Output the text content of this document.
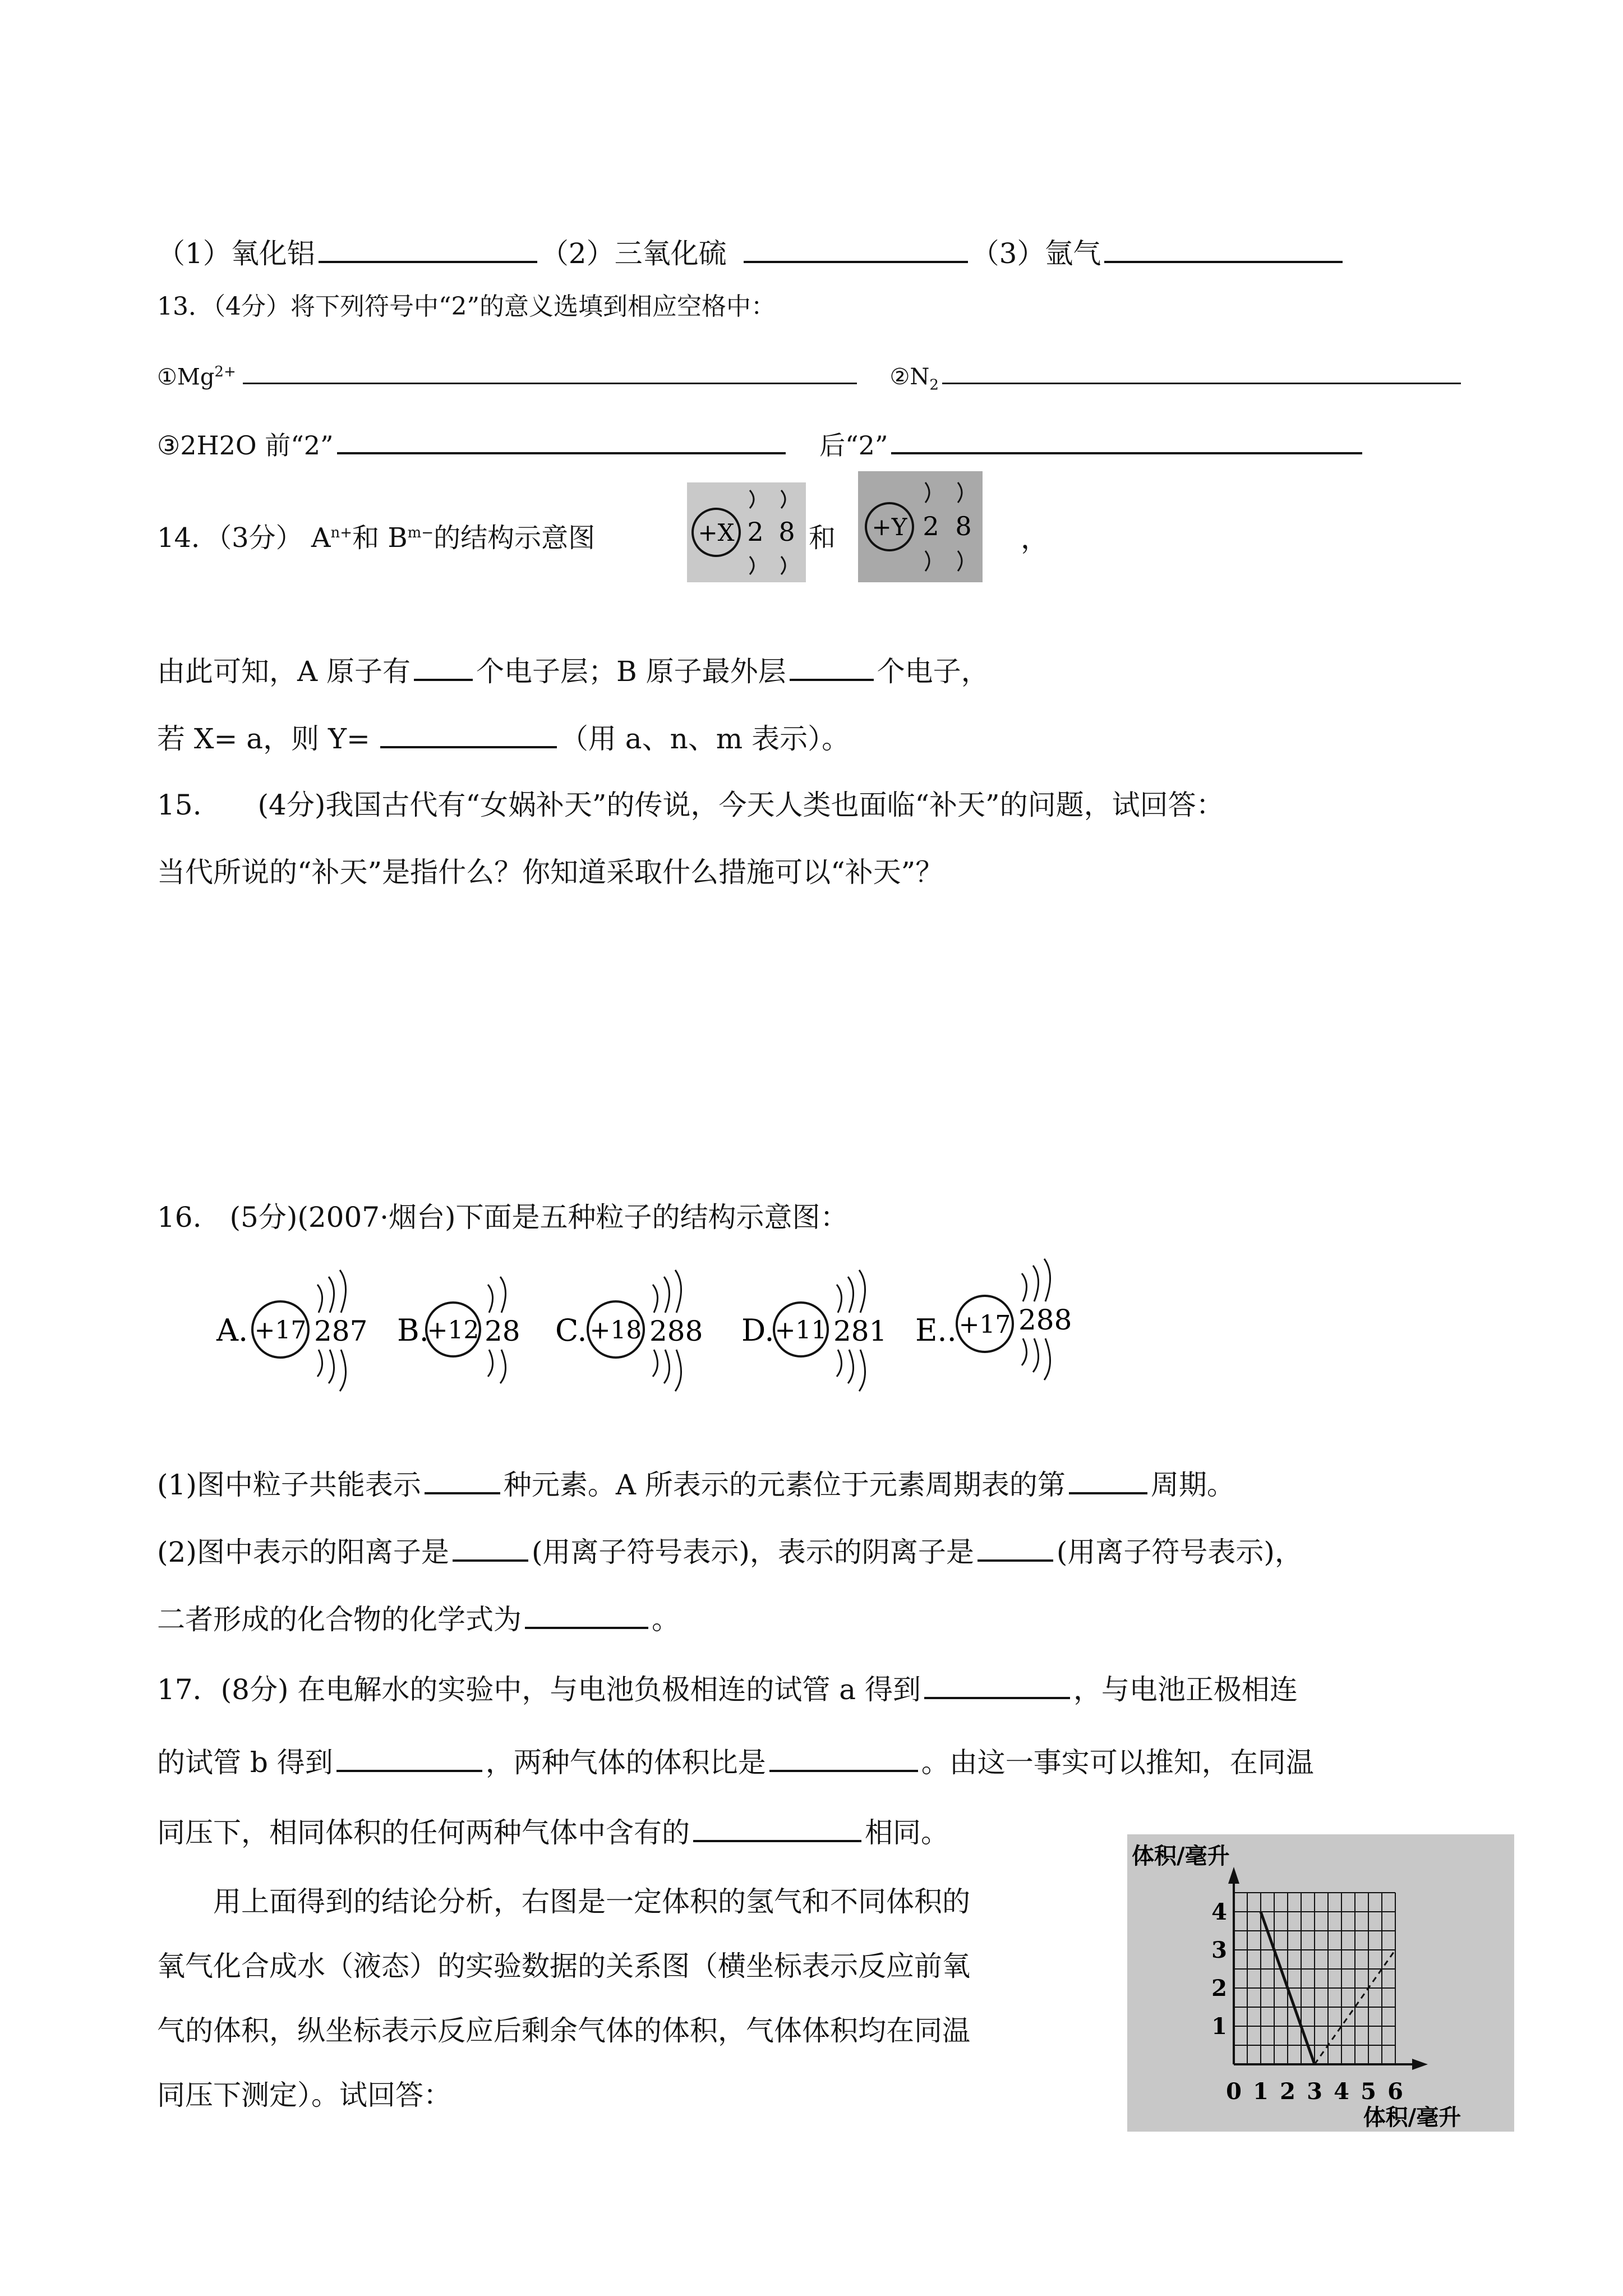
（1）氧化铝	（2）三氧化硫	（3）氩气
13．（4分）将下列符号中“2”的意义选填到相应空格中：
$①Mg^{2+}$	$②N_2$
③2H2O 前“2”	后“2”
14．（3分） $A^{n+}$和 $B^{m-}$的结构示意图	+X 2 8 和 +Y 2 8 ，
由此可知，A 原子有 个电子层；B 原子最外层	个电子，
若 X= a，则 Y=	（用 a、n、m 表示）。
15.　　(4分)我国古代有“女娲补天”的传说，今天人类也面临“补天”的问题，试回答：
当代所说的“补天”是指什么？你知道采取什么措施可以“补天”？
16.　(5分)(2007·烟台)下面是五种粒子的结构示意图：
A. +17 287 B.
+12 28 C. +18 288 D. +11 281 E.. +17 288
(1)图中粒子共能表示	种元素。A 所表示的元素位于元素周期表的第	周期。
(2)图中表示的阳离子是	(用离子符号表示)，表示的阴离子是	(用离子符号表示)，
二者形成的化合物的化学式为	。
17．(8分) 在电解水的实验中，与电池负极相连的试管 a 得到	，与电池正极相连
的试管 b 得到	，两种气体的体积比是	。由这一事实可以推知，在同温
同压下，相同体积的任何两种气体中含有的	相同。
用上面得到的结论分析，右图是一定体积的氢气和不同体积的
氧气化合成水（液态）的实验数据的关系图（横坐标表示反应前氧
气的体积，纵坐标表示反应后剩余气体的体积，气体体积均在同温
同压下测定）。试回答：	0 1 2 3 4 5 6
1
2
3
4
体积/毫升
体积/毫升
